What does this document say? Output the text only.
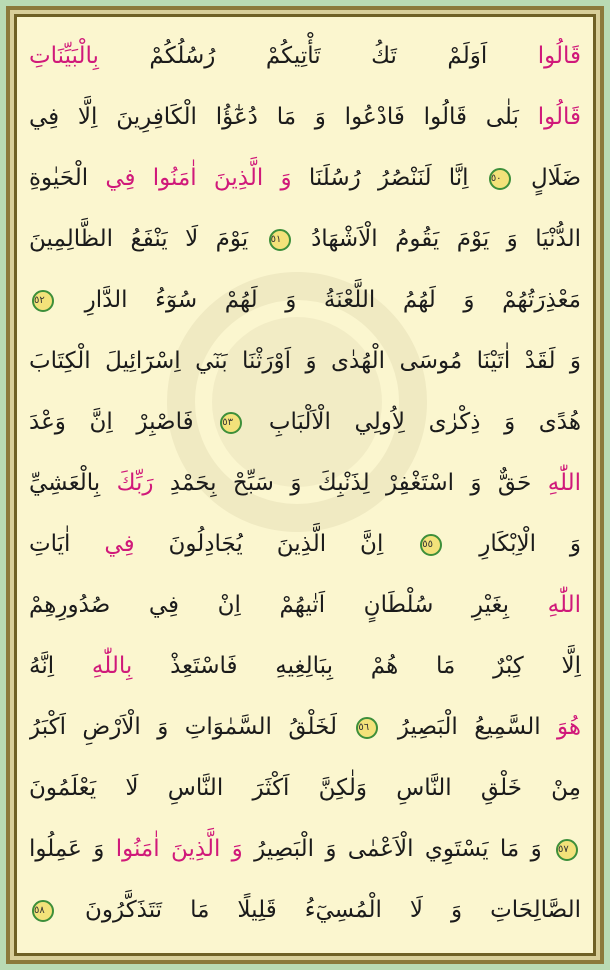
قَالُوا اَوَلَمْ تَكُ تَأْتِيكُمْ رُسُلُكُمْ بِالْبَيِّنَاتِ
قَالُوا بَلٰى قَالُوا فَادْعُوا وَ مَا دُعٰٓؤُا الْكَافِرِينَ اِلَّا فِي
ضَلَالٍ ٥٠ اِنَّا لَنَنْصُرُ رُسُلَنَا وَ الَّذِينَ اٰمَنُوا فِي الْحَيٰوةِ
الدُّنْيَا وَ يَوْمَ يَقُومُ الْاَشْهَادُ ٥١ يَوْمَ لَا يَنْفَعُ الظَّالِمِينَ
مَعْذِرَتُهُمْ وَ لَهُمُ اللَّعْنَةُ وَ لَهُمْ سُوٓءُ الدَّارِ ٥٢
وَ لَقَدْ اٰتَيْنَا مُوسَى الْهُدٰى وَ اَوْرَثْنَا بَنٓي اِسْرَٓائِيلَ الْكِتَابَ
هُدًى وَ ذِكْرٰى لِاُولِي الْاَلْبَابِ ٥٣ فَاصْبِرْ اِنَّ وَعْدَ
اللّٰهِ حَقٌّ وَ اسْتَغْفِرْ لِذَنْبِكَ وَ سَبِّحْ بِحَمْدِ رَبِّكَ بِالْعَشِيِّ
وَ الْاِبْكَارِ ٥٥ اِنَّ الَّذِينَ يُجَادِلُونَ فِي اٰيَاتِ
اللّٰهِ بِغَيْرِ سُلْطَانٍ اَتٰيهُمْ اِنْ فِي صُدُورِهِمْ
اِلَّا كِبْرٌ مَا هُمْ بِبَالِغِيهِ فَاسْتَعِذْ بِاللّٰهِ اِنَّهُ
هُوَ السَّمِيعُ الْبَصِيرُ ٥٦ لَخَلْقُ السَّمٰوَاتِ وَ الْاَرْضِ اَكْبَرُ
مِنْ خَلْقِ النَّاسِ وَلٰكِنَّ اَكْثَرَ النَّاسِ لَا يَعْلَمُونَ
٥٧ وَ مَا يَسْتَوِي الْاَعْمٰى وَ الْبَصِيرُ وَ الَّذِينَ اٰمَنُوا وَ عَمِلُوا
الصَّالِحَاتِ وَ لَا الْمُسِيٓءُ قَلِيلًا مَا تَتَذَكَّرُونَ ٥٨
